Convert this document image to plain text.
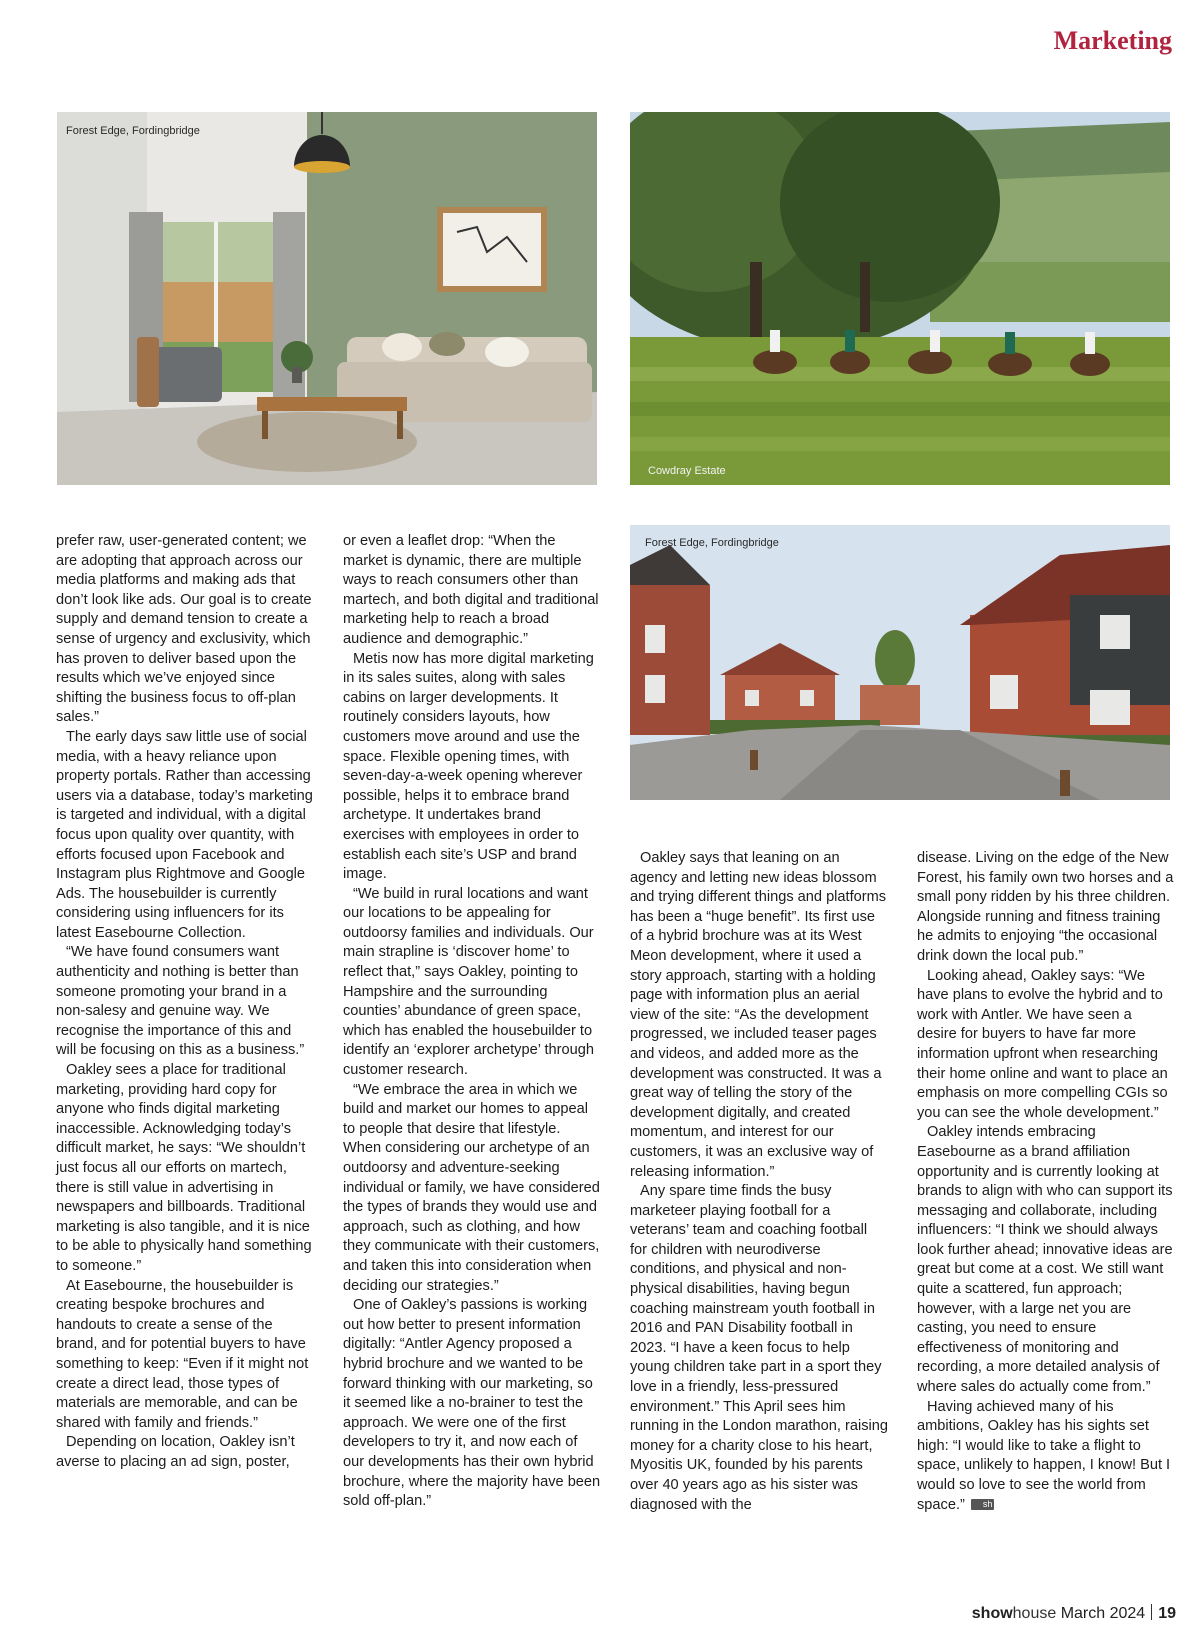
Marketing
Forest Edge, Fordingbridge
Cowdray Estate
Forest Edge, Fordingbridge

prefer raw, user-generated content; we are adopting that approach across our media platforms and making ads that don’t look like ads. Our goal is to create supply and demand tension to create a sense of urgency and exclusivity, which has proven to deliver based upon the results which we’ve enjoyed since shifting the business focus to off-plan sales.”

The early days saw little use of social media, with a heavy reliance upon property portals. Rather than accessing users via a database, today’s marketing is targeted and individual, with a digital focus upon quality over quantity, with efforts focused upon Facebook and Instagram plus Rightmove and Google Ads. The housebuilder is currently considering using influencers for its latest Easebourne Collection.

“We have found consumers want authenticity and nothing is better than someone promoting your brand in a non-salesy and genuine way. We recognise the importance of this and will be focusing on this as a business.”

Oakley sees a place for traditional marketing, providing hard copy for anyone who finds digital marketing inaccessible. Acknowledging today’s difficult market, he says: “We shouldn’t just focus all our efforts on martech, there is still value in advertising in newspapers and billboards. Traditional marketing is also tangible, and it is nice to be able to physically hand something to someone.”

At Easebourne, the housebuilder is creating bespoke brochures and handouts to create a sense of the brand, and for potential buyers to have something to keep: “Even if it might not create a direct lead, those types of materials are memorable, and can be shared with family and friends.”

Depending on location, Oakley isn’t averse to placing an ad sign, poster,

or even a leaflet drop: “When the market is dynamic, there are multiple ways to reach consumers other than martech, and both digital and traditional marketing help to reach a broad audience and demographic.”

Metis now has more digital marketing in its sales suites, along with sales cabins on larger developments. It routinely considers layouts, how customers move around and use the space. Flexible opening times, with seven-day-a-week opening wherever possible, helps it to embrace brand archetype. It undertakes brand exercises with employees in order to establish each site’s USP and brand image.

“We build in rural locations and want our locations to be appealing for outdoorsy families and individuals. Our main strapline is ‘discover home’ to reflect that,” says Oakley, pointing to Hampshire and the surrounding counties’ abundance of green space, which has enabled the housebuilder to identify an ‘explorer archetype’ through customer research.

“We embrace the area in which we build and market our homes to appeal to people that desire that lifestyle. When considering our archetype of an outdoorsy and adventure-seeking individual or family, we have considered the types of brands they would use and approach, such as clothing, and how they communicate with their customers, and taken this into consideration when deciding our strategies.”

One of Oakley’s passions is working out how better to present information digitally: “Antler Agency proposed a hybrid brochure and we wanted to be forward thinking with our marketing, so it seemed like a no-brainer to test the approach. We were one of the first developers to try it, and now each of our developments has their own hybrid brochure, where the majority have been sold off-plan.”

Oakley says that leaning on an agency and letting new ideas blossom and trying different things and platforms has been a “huge benefit”. Its first use of a hybrid brochure was at its West Meon development, where it used a story approach, starting with a holding page with information plus an aerial view of the site: “As the development progressed, we included teaser pages and videos, and added more as the development was constructed. It was a great way of telling the story of the development digitally, and created momentum, and interest for our customers, it was an exclusive way of releasing information.”

Any spare time finds the busy marketeer playing football for a veterans’ team and coaching football for children with neurodiverse conditions, and physical and non-physical disabilities, having begun coaching mainstream youth football in 2016 and PAN Disability football in 2023. “I have a keen focus to help young children take part in a sport they love in a friendly, less-pressured environment.” This April sees him running in the London marathon, raising money for a charity close to his heart, Myositis UK, founded by his parents over 40 years ago as his sister was diagnosed with the

disease. Living on the edge of the New Forest, his family own two horses and a small pony ridden by his three children. Alongside running and fitness training he admits to enjoying “the occasional drink down the local pub.”

Looking ahead, Oakley says: “We have plans to evolve the hybrid and to work with Antler. We have seen a desire for buyers to have far more information upfront when researching their home online and want to place an emphasis on more compelling CGIs so you can see the whole development.”

Oakley intends embracing Easebourne as a brand affiliation opportunity and is currently looking at brands to align with who can support its messaging and collaborate, including influencers: “I think we should always look further ahead; innovative ideas are great but come at a cost. We still want quite a scattered, fun approach; however, with a large net you are casting, you need to ensure effectiveness of monitoring and recording, a more detailed analysis of where sales do actually come from.”

Having achieved many of his ambitions, Oakley has his sights set high: “I would like to take a flight to space, unlikely to happen, I know! But I would so love to see the world from space.” sh

showhouse March 2024 19
